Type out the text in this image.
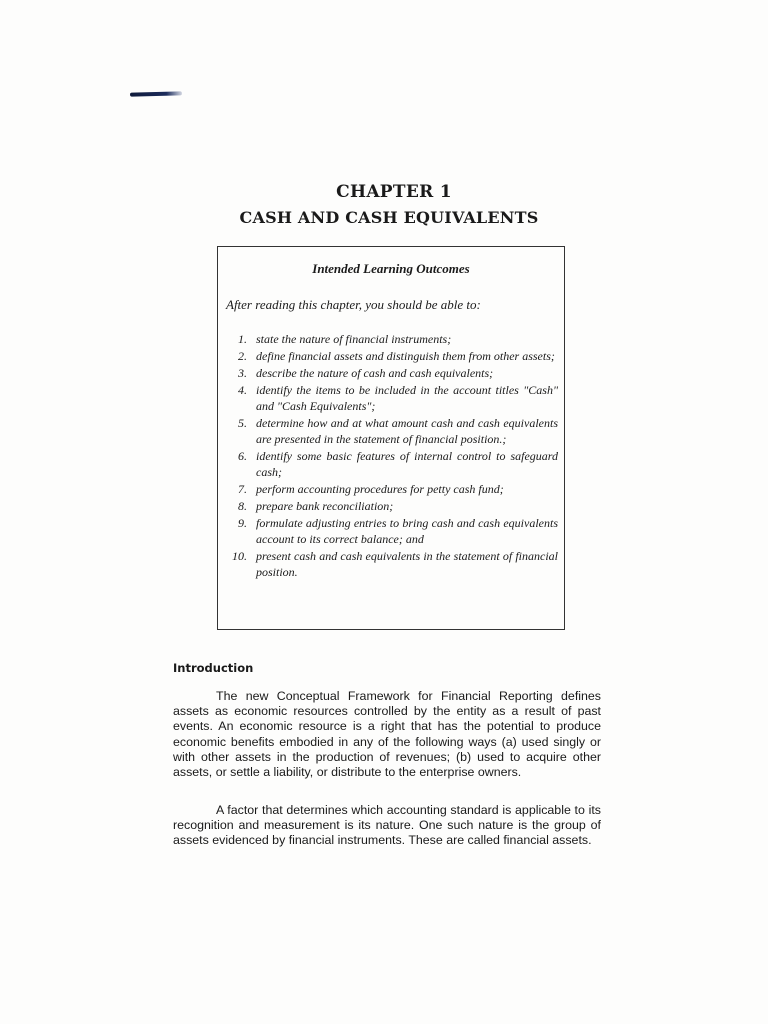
CHAPTER 1
CASH AND CASH EQUIVALENTS
Intended Learning Outcomes
After reading this chapter, you should be able to:
1. state the nature of financial instruments;
2. define financial assets and distinguish them from other assets;
3. describe the nature of cash and cash equivalents;
4. identify the items to be included in the account titles "Cash" and "Cash Equivalents";
5. determine how and at what amount cash and cash equivalents are presented in the statement of financial position.;
6. identify some basic features of internal control to safeguard cash;
7. perform accounting procedures for petty cash fund;
8. prepare bank reconciliation;
9. formulate adjusting entries to bring cash and cash equivalents account to its correct balance; and
10. present cash and cash equivalents in the statement of financial position.
Introduction

The new Conceptual Framework for Financial Reporting defines assets as economic resources controlled by the entity as a result of past events. An economic resource is a right that has the potential to produce economic benefits embodied in any of the following ways (a) used singly or with other assets in the production of revenues; (b) used to acquire other assets, or settle a liability, or distribute to the enterprise owners.

A factor that determines which accounting standard is applicable to its recognition and measurement is its nature. One such nature is the group of assets evidenced by financial instruments. These are called financial assets.
